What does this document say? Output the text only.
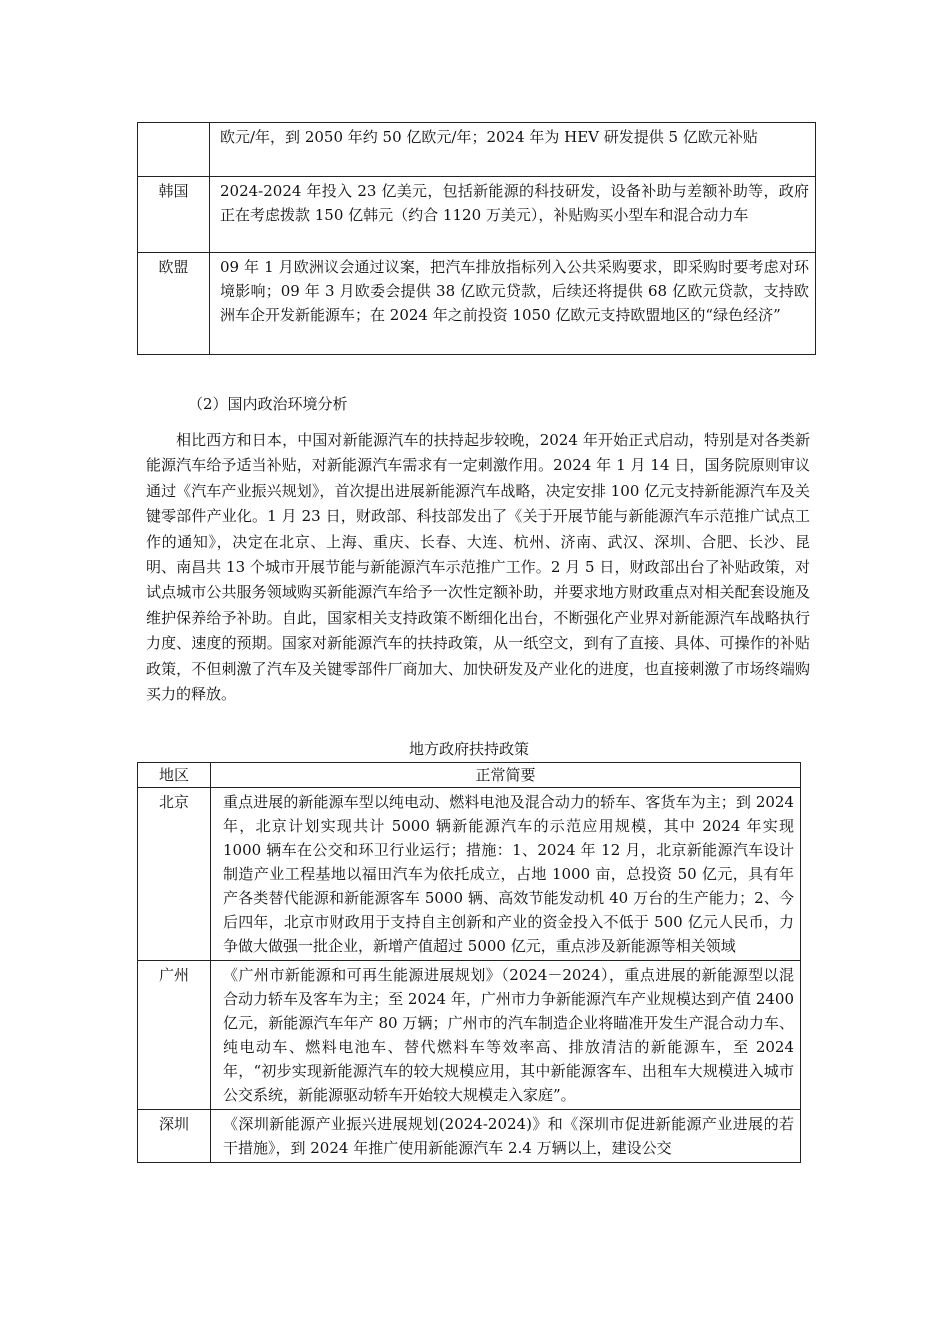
	欧元/年，到 2050 年约 50 亿欧元/年；2024 年为 HEV 研发提供 5 亿欧元补贴
韩国	2024-2024 年投入 23 亿美元，包括新能源的科技研发，设备补助与差额补助等，政府正在考虑拨款 150 亿韩元（约合 1120 万美元），补贴购买小型车和混合动力车
欧盟	09 年 1 月欧洲议会通过议案，把汽车排放指标列入公共采购要求，即采购时要考虑对环境影响；09 年 3 月欧委会提供 38 亿欧元贷款，后续还将提供 68 亿欧元贷款，支持欧洲车企开发新能源车；在 2024 年之前投资 1050 亿欧元支持欧盟地区的“绿色经济”
（2）国内政治环境分析
相比西方和日本，中国对新能源汽车的扶持起步较晚，2024 年开始正式启动，特别是对各类新能源汽车给予适当补贴，对新能源汽车需求有一定刺激作用。2024 年 1 月 14 日，国务院原则审议通过《汽车产业振兴规划》，首次提出进展新能源汽车战略，决定安排 100 亿元支持新能源汽车及关键零部件产业化。1 月 23 日，财政部、科技部发出了《关于开展节能与新能源汽车示范推广试点工作的通知》，决定在北京、上海、重庆、长春、大连、杭州、济南、武汉、深圳、合肥、长沙、昆明、南昌共 13 个城市开展节能与新能源汽车示范推广工作。2 月 5 日，财政部出台了补贴政策，对试点城市公共服务领域购买新能源汽车给予一次性定额补助，并要求地方财政重点对相关配套设施及维护保养给予补助。自此，国家相关支持政策不断细化出台，不断强化产业界对新能源汽车战略执行力度、速度的预期。国家对新能源汽车的扶持政策，从一纸空文，到有了直接、具体、可操作的补贴政策，不但刺激了汽车及关键零部件厂商加大、加快研发及产业化的进度，也直接刺激了市场终端购买力的释放。
地方政府扶持政策
地区	正常简要
北京	重点进展的新能源车型以纯电动、燃料电池及混合动力的轿车、客货车为主；到 2024 年，北京计划实现共计 5000 辆新能源汽车的示范应用规模，其中 2024 年实现 1000 辆车在公交和环卫行业运行；措施：1、2024 年 12 月，北京新能源汽车设计制造产业工程基地以福田汽车为依托成立，占地 1000 亩，总投资 50 亿元，具有年产各类替代能源和新能源客车 5000 辆、高效节能发动机 40 万台的生产能力；2、今后四年，北京市财政用于支持自主创新和产业的资金投入不低于 500 亿元人民币，力争做大做强一批企业，新增产值超过 5000 亿元，重点涉及新能源等相关领域
广州	《广州市新能源和可再生能源进展规划》（2024－2024），重点进展的新能源型以混合动力轿车及客车为主；至 2024 年，广州市力争新能源汽车产业规模达到产值 2400 亿元，新能源汽车年产 80 万辆；广州市的汽车制造企业将瞄准开发生产混合动力车、纯电动车、燃料电池车、替代燃料车等效率高、排放清洁的新能源车，至 2024 年，“初步实现新能源汽车的较大规模应用，其中新能源客车、出租车大规模进入城市公交系统，新能源驱动轿车开始较大规模走入家庭”。
深圳	《深圳新能源产业振兴进展规划(2024-2024)》和《深圳市促进新能源产业进展的若干措施》，到 2024 年推广使用新能源汽车 2.4 万辆以上，建设公交
